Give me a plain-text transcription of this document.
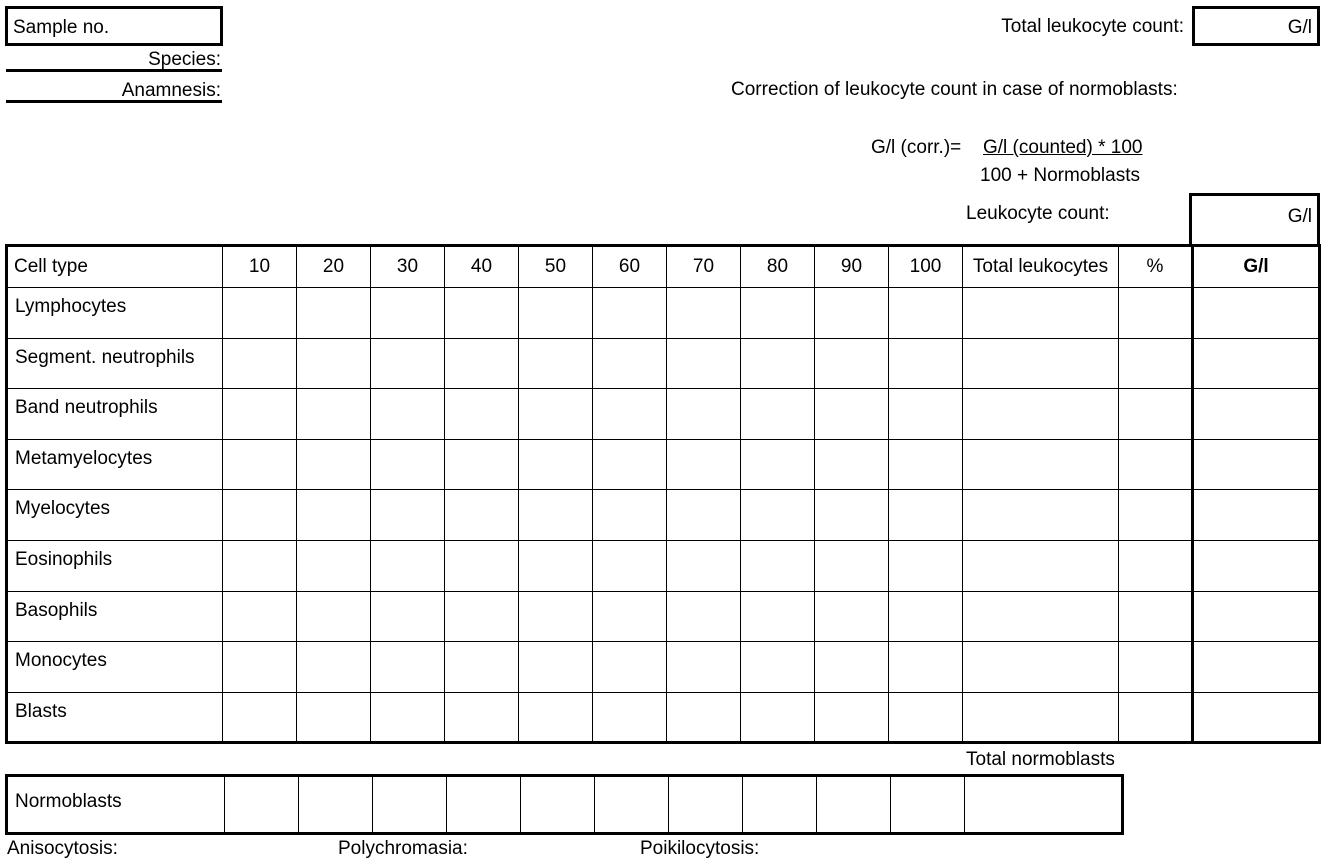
Sample no.
Species:
Anamnesis:
Total leukocyte count:	G/l
Correction of leukocyte count in case of normoblasts:
G/l (corr.)= G/l (counted) * 100
100 + Normoblasts
Leukocyte count:	G/l
Cell type	10	20	30	40	50	60	70	80	90	100	Total leukocytes	%	G/l
Lymphocytes													
Segment. neutrophils													
Band neutrophils													
Metamyelocytes													
Myelocytes													
Eosinophils													
Basophils													
Monocytes													
Blasts													
Total normoblasts
Normoblasts											
Anisocytosis:	Polychromasia:	Poikilocytosis:
